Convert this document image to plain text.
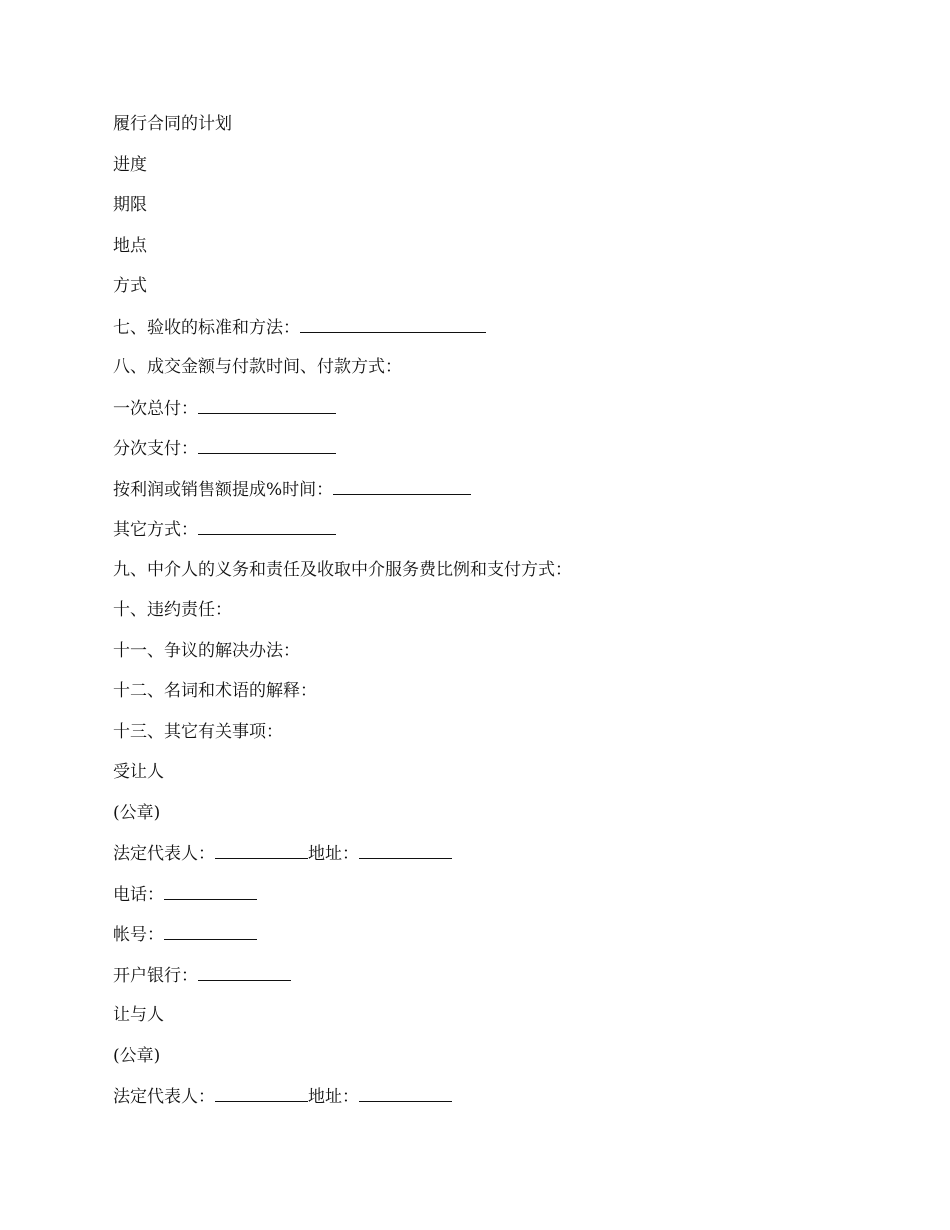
履行合同的计划
进度
期限
地点
方式
七、验收的标准和方法：
八、成交金额与付款时间、付款方式：
一次总付：
分次支付：
按利润或销售额提成%时间：
其它方式：
九、中介人的义务和责任及收取中介服务费比例和支付方式：
十、违约责任：
十一、争议的解决办法：
十二、名词和术语的解释：
十三、其它有关事项：
受让人
(公章)
法定代表人：	地址：
电话：
帐号：
开户银行：
让与人
(公章)
法定代表人：	地址：
